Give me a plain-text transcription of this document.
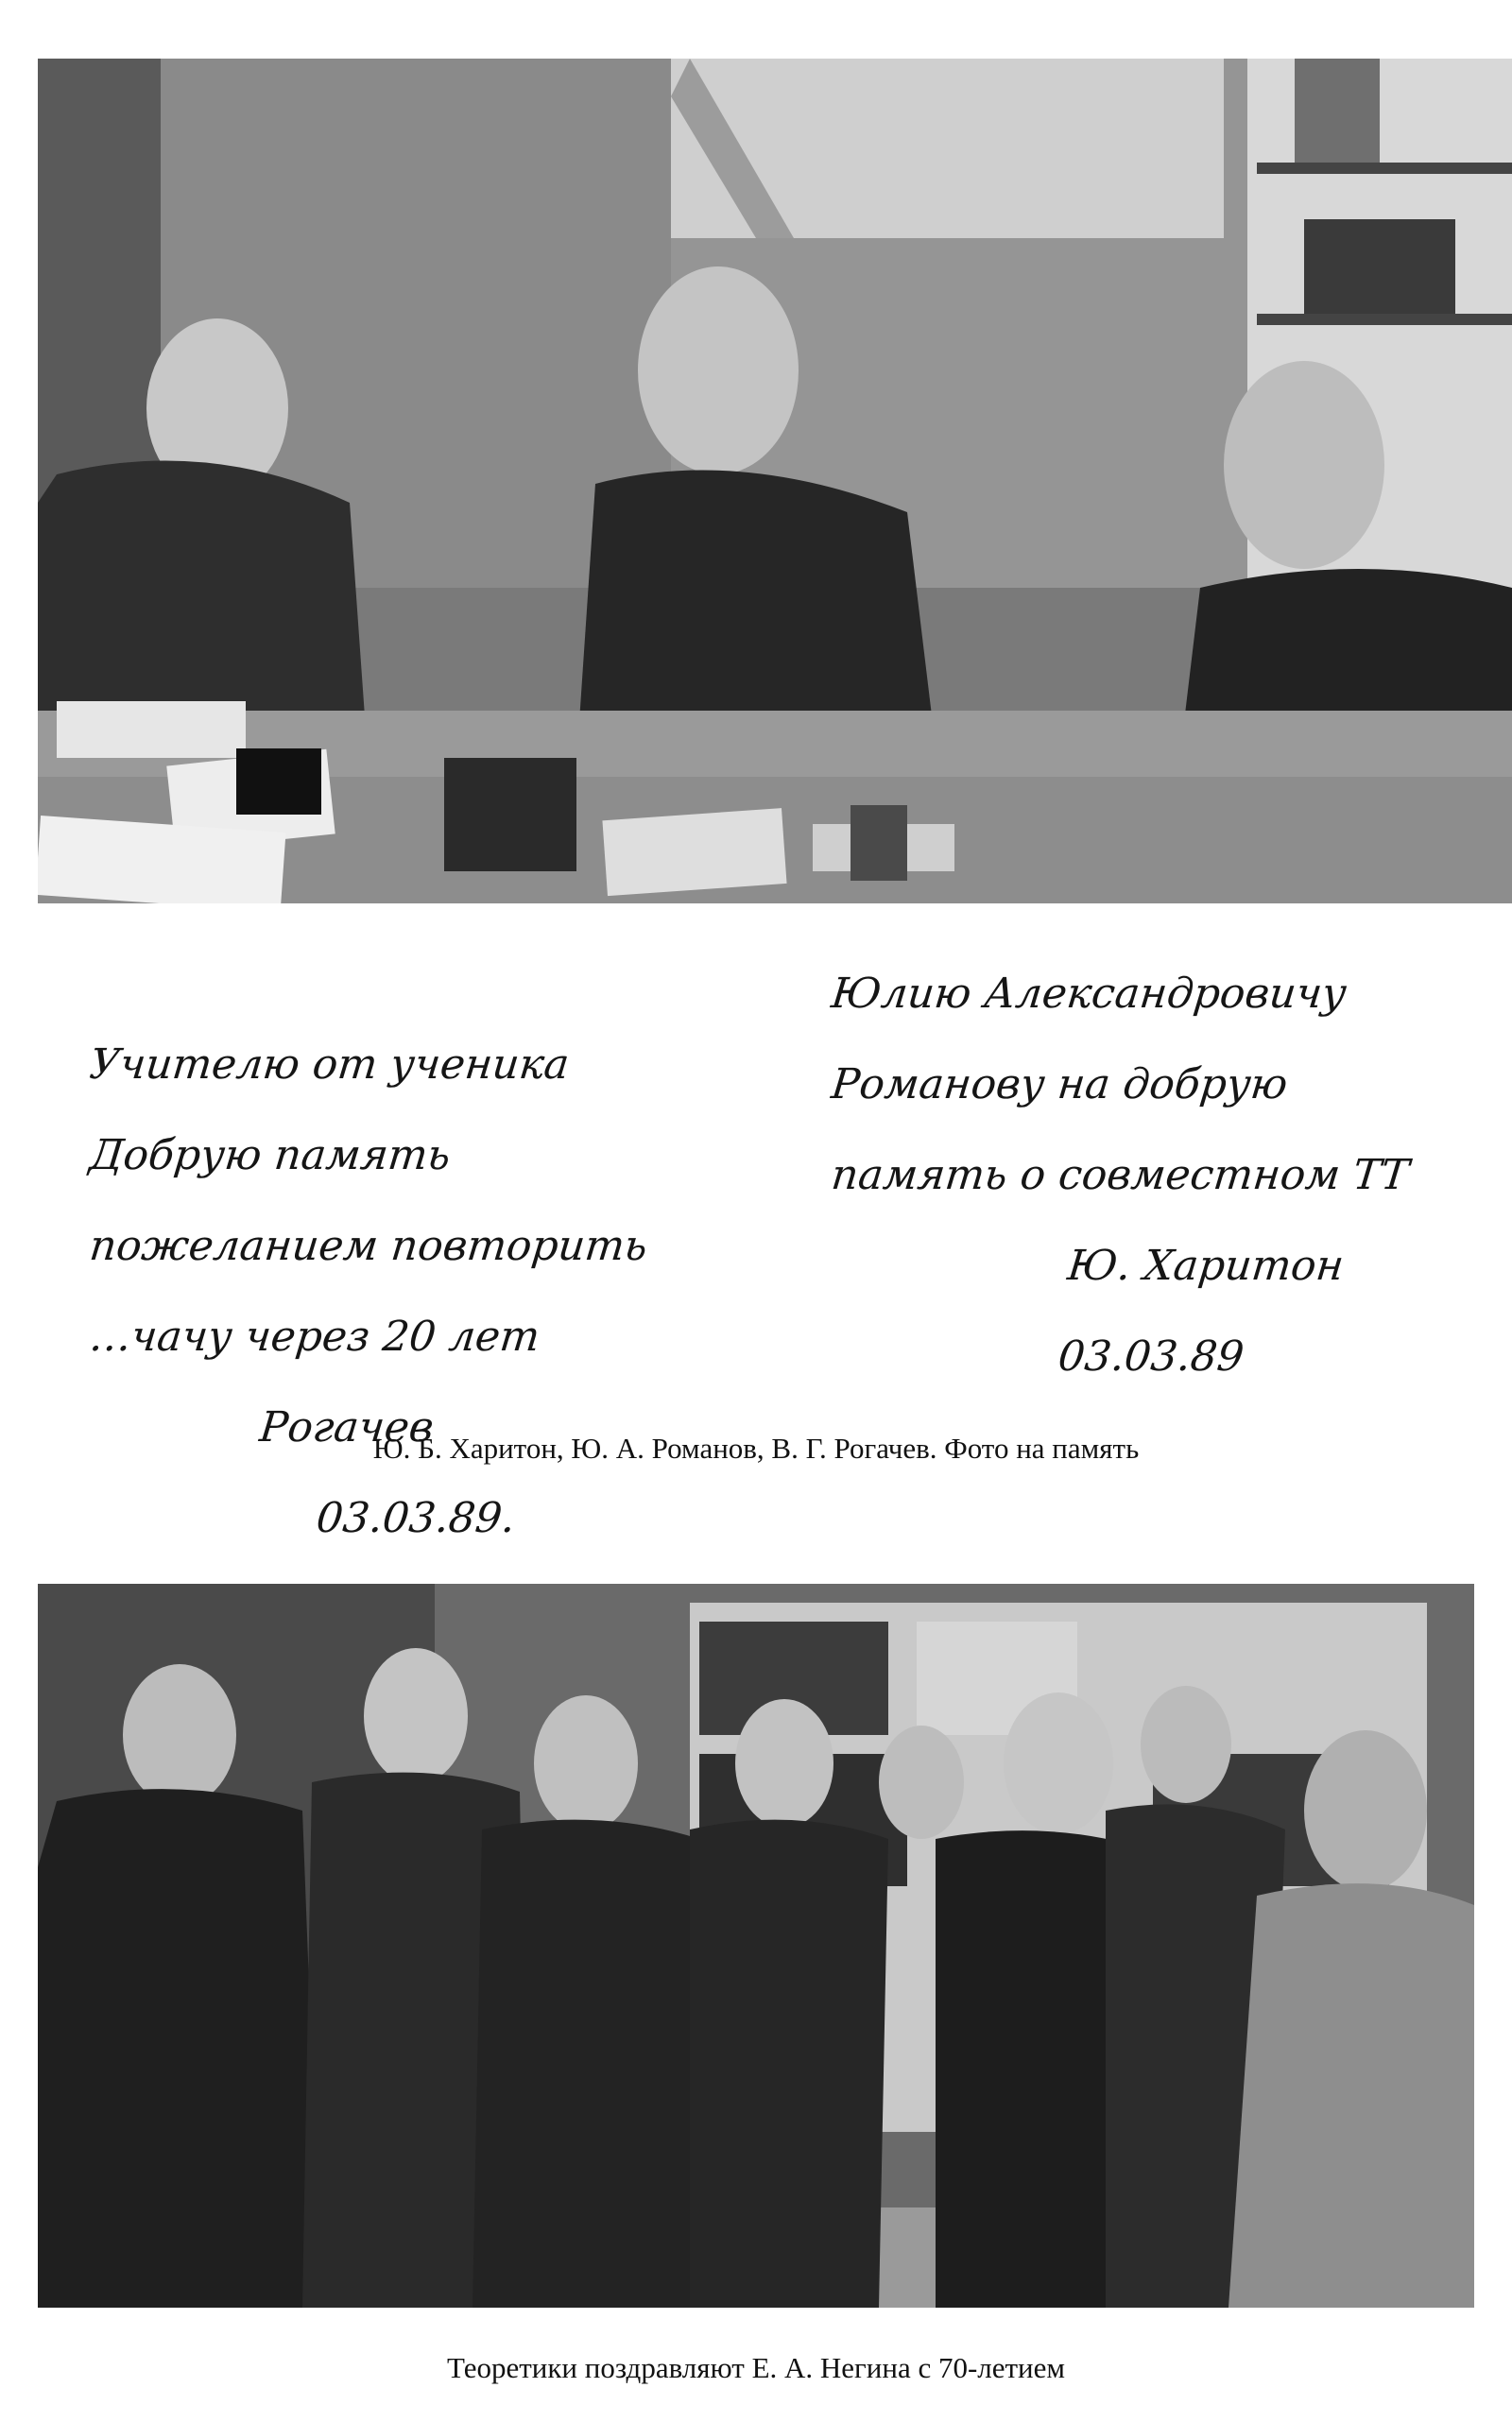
Учителю от ученика

Добрую память

пожеланием повторить

…чачу через 20 лет

Рогачев

03.03.89.

Юлию Александровичу

Романову на добрую

память о совместном ТТ

Ю. Харитон

03.03.89

Ю. Б. Харитон, Ю. А. Романов, В. Г. Рогачев. Фото на память
Теоретики поздравляют Е. А. Негина с 70-летием
